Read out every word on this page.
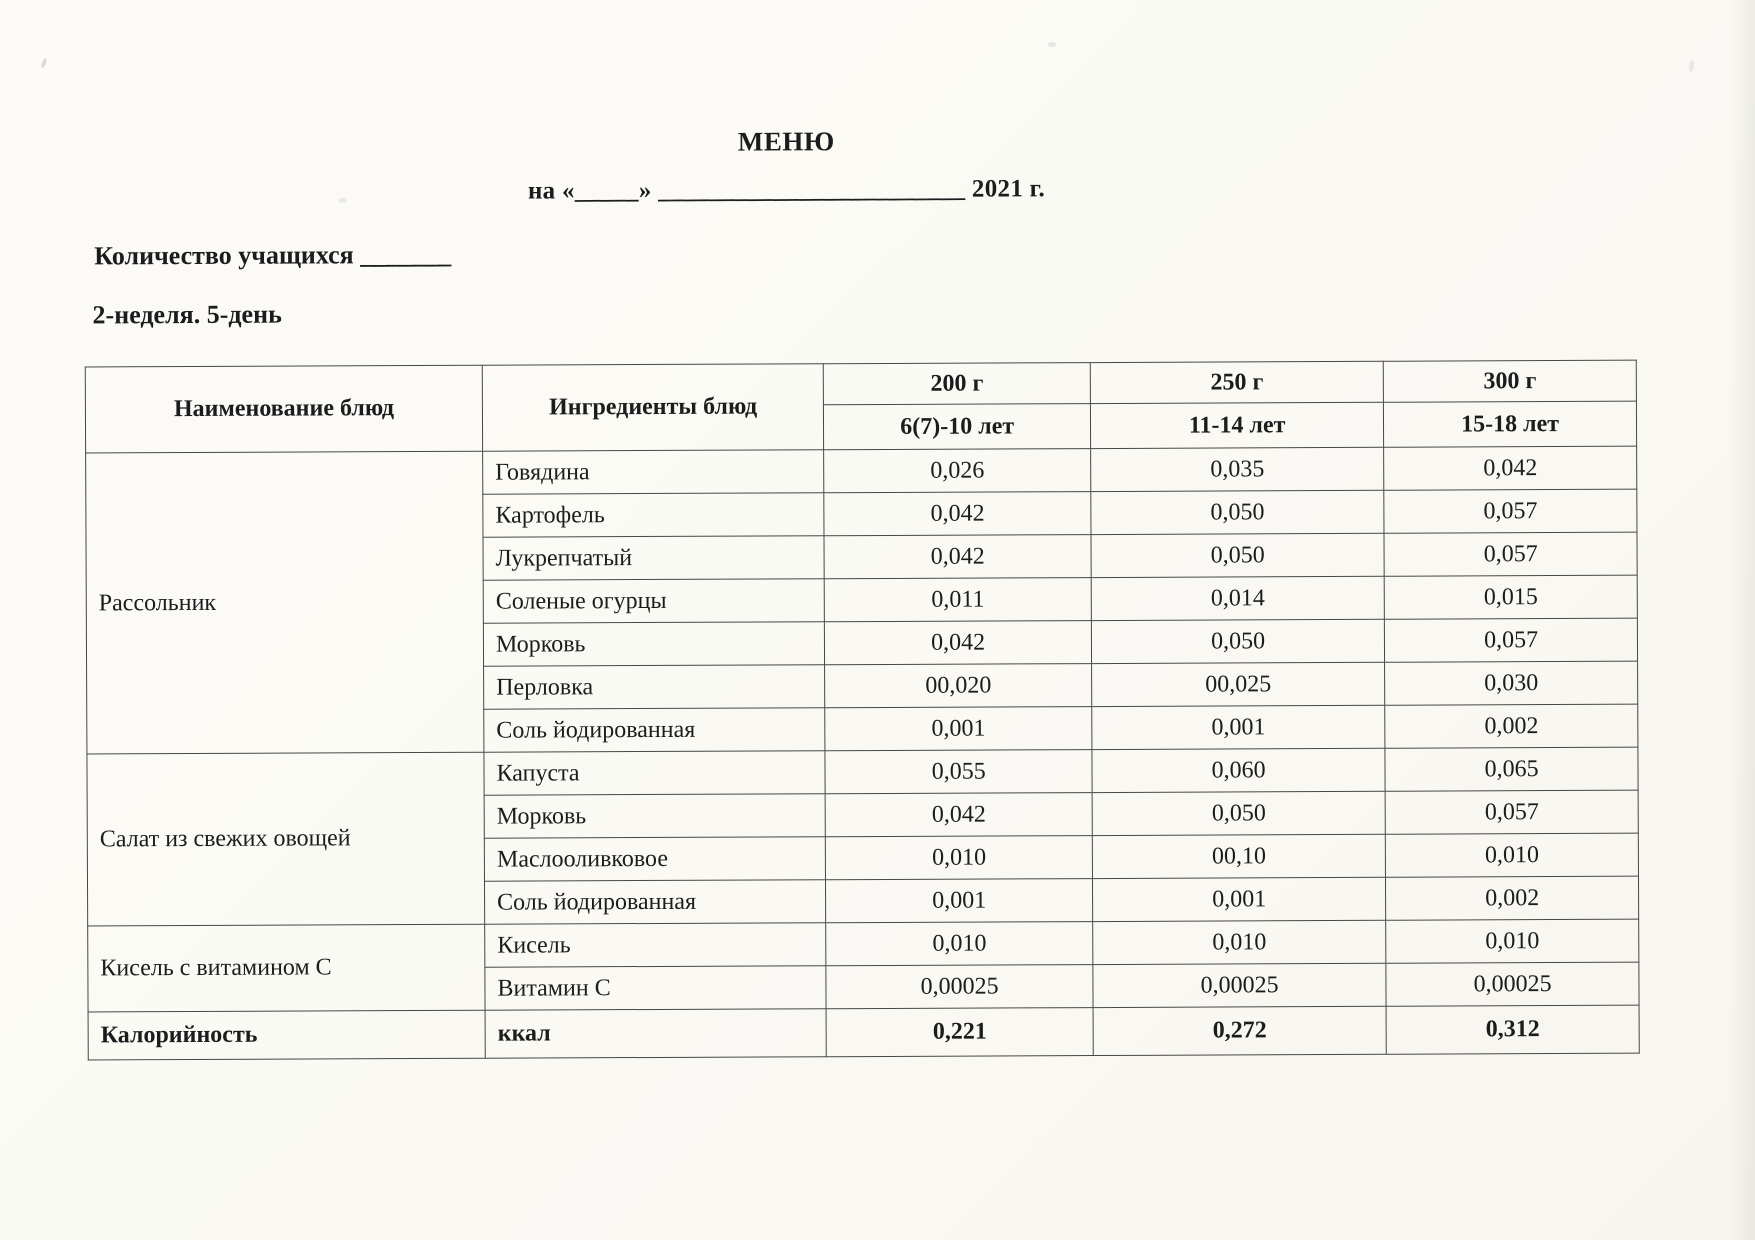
МЕНЮ
на «_____» ________________________ 2021 г.
Количество учащихся _______
2-неделя. 5-день
Наименование блюд	Ингредиенты блюд	200 г	250 г	300 г
		6(7)-10 лет	11-14 лет	15-18 лет
Рассольник	Говядина	0,026	0,035	0,042
	Картофель	0,042	0,050	0,057
	Лукрепчатый	0,042	0,050	0,057
	Соленые огурцы	0,011	0,014	0,015
	Морковь	0,042	0,050	0,057
	Перловка	00,020	00,025	0,030
	Соль йодированная	0,001	0,001	0,002
Салат из свежих овощей	Капуста	0,055	0,060	0,065
	Морковь	0,042	0,050	0,057
	Маслооливковое	0,010	00,10	0,010
	Соль йодированная	0,001	0,001	0,002
Кисель с витамином С	Кисель	0,010	0,010	0,010
	Витамин С	0,00025	0,00025	0,00025
Калорийность	ккал	0,221	0,272	0,312
